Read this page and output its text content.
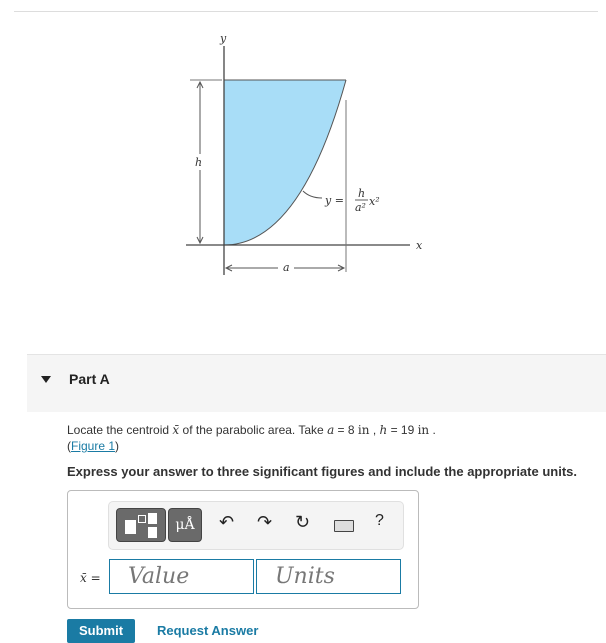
y
x
h
a
y =
h
a² x²
Part A
Locate the centroid x̄ of the parabolic area. Take a = 8 in , h = 19 in .
(Figure 1)
Express your answer to three significant figures and include the appropriate units.
μÅ	↶ ↷ ↻	?
x̄ =	Value	Units
Submit	Request Answer
